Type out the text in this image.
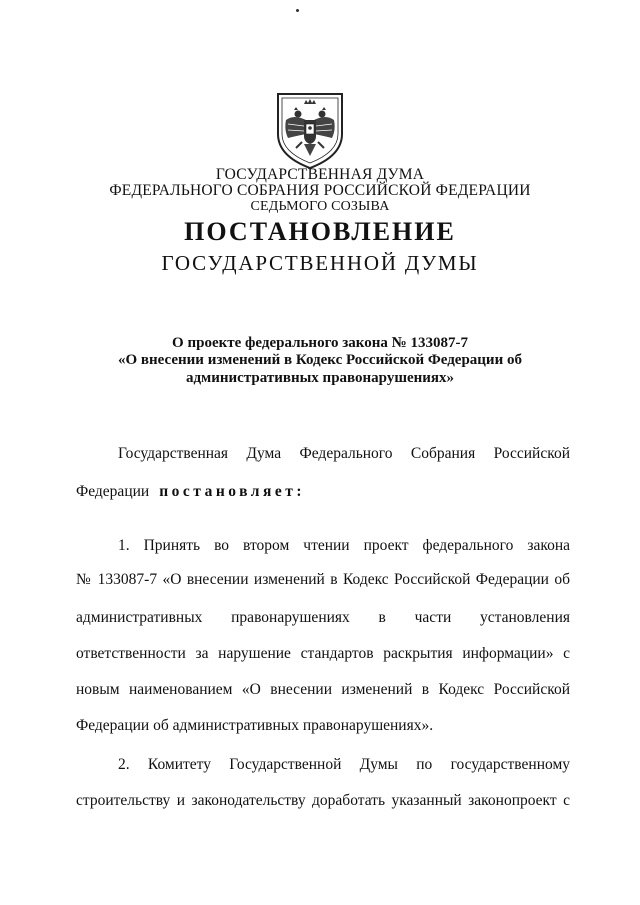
ГОСУДАРСТВЕННАЯ ДУМА
ФЕДЕРАЛЬНОГО СОБРАНИЯ РОССИЙСКОЙ ФЕДЕРАЦИИ
СЕДЬМОГО СОЗЫВА
ПОСТАНОВЛЕНИЕ
ГОСУДАРСТВЕННОЙ ДУМЫ
О проекте федерального закона № 133087-7
«О внесении изменений в Кодекс Российской Федерации об
административных правонарушениях»
Государственная Дума Федерального Собрания Российской
Федерации постановляет:
1. Принять во втором чтении проект федерального закона
№ 133087-7 «О внесении изменений в Кодекс Российской Федерации об
административных правонарушениях в части установления
ответственности за нарушение стандартов раскрытия информации» с
новым наименованием «О внесении изменений в Кодекс Российской
Федерации об административных правонарушениях».
2. Комитету Государственной Думы по государственному
строительству и законодательству доработать указанный законопроект с
